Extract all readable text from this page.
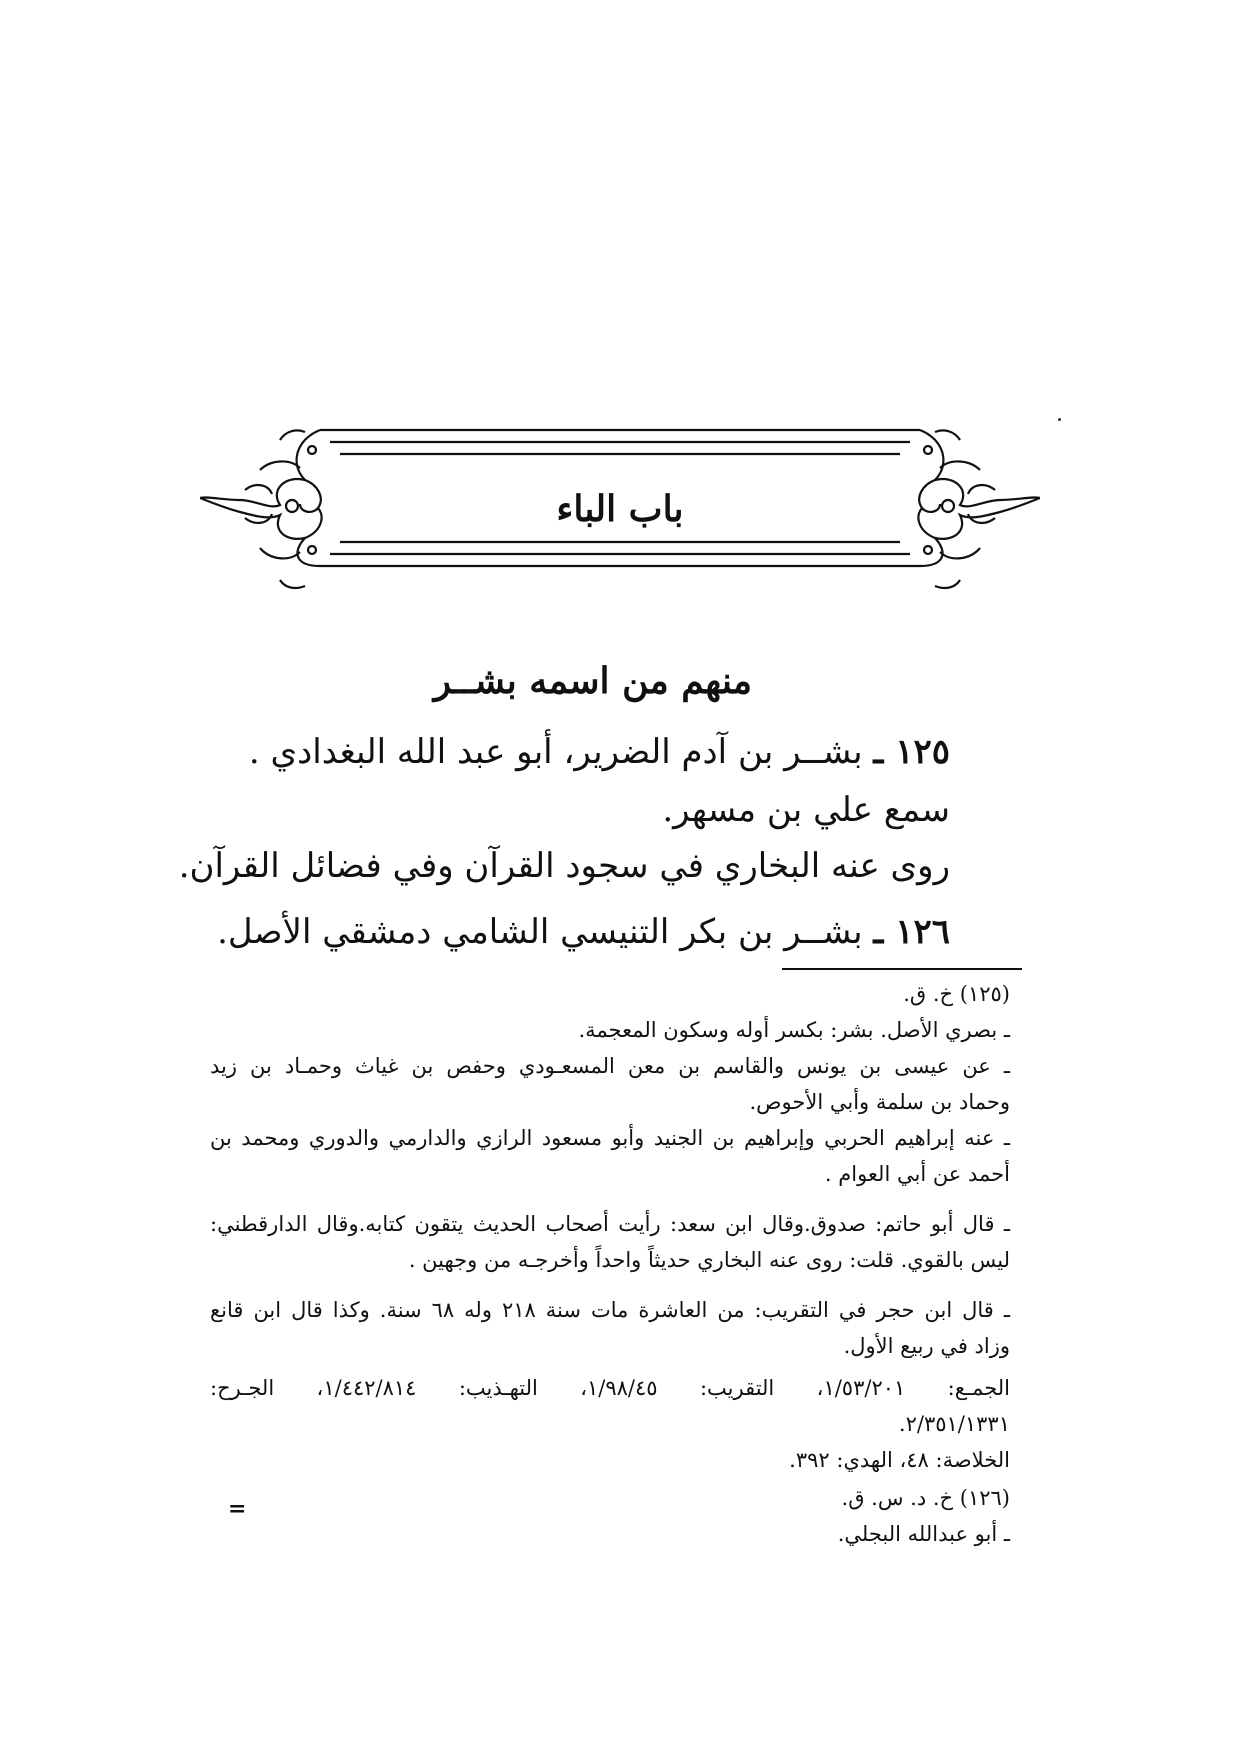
باب الباء
منهم من اسمه بشــر
١٢٥ ـ بشــر بن آدم الضرير، أبو عبد الله البغدادي .
سمع علي بن مسهر.
روى عنه البخاري في سجود القرآن وفي فضائل القرآن.
١٢٦ ـ بشــر بن بكر التنيسي الشامي دمشقي الأصل.
(١٢٥) خ. ق.
ـ بصري الأصل. بشر: بكسر أوله وسكون المعجمة.
ـ عن عيسى بن يونس والقاسم بن معن المسعـودي وحفص بن غياث وحمـاد بن زيد
وحماد بن سلمة وأبي الأحوص.
ـ عنه إبراهيم الحربي وإبراهيم بن الجنيد وأبو مسعود الرازي والدارمي والدوري ومحمد بن
أحمد عن أبي العوام .
ـ قال أبو حاتم: صدوق.وقال ابن سعد: رأيت أصحاب الحديث يتقون كتابه.وقال الدارقطني:
ليس بالقوي. قلت: روى عنه البخاري حديثاً واحداً وأخرجـه من وجهين .
ـ قال ابن حجر في التقريب: من العاشرة مات سنة ٢١٨ وله ٦٨ سنة. وكذا قال ابن قانع
وزاد في ربيع الأول.
الجمـع: ١/٥٣/٢٠١، التقريب: ١/٩٨/٤٥، التهـذيب: ١/٤٤٢/٨١٤، الجـرح:
٢/٣٥١/١٣٣١.
الخلاصة: ٤٨، الهدي: ٣٩٢.
(١٢٦) خ. د. س. ق.
ـ أبو عبدالله البجلي.
=
